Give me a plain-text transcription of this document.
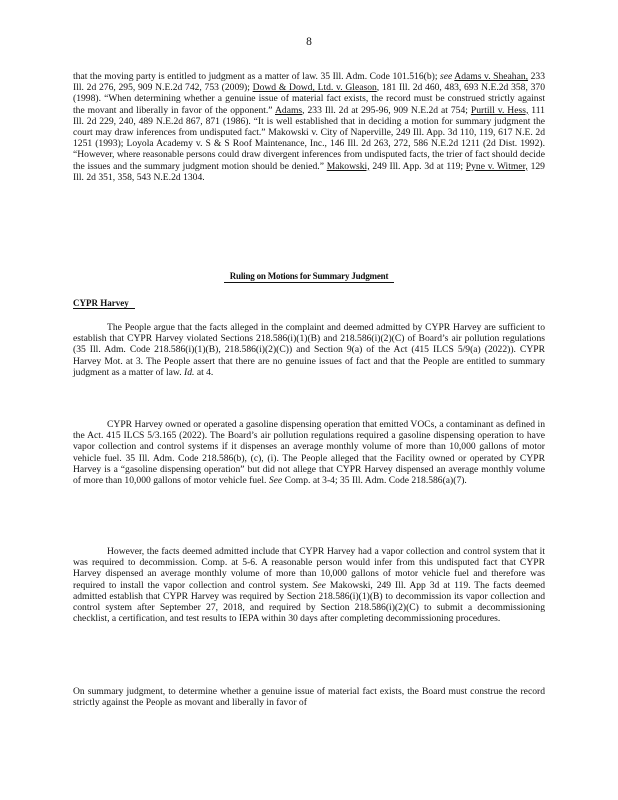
8
that the moving party is entitled to judgment as a matter of law. 35 Ill. Adm. Code 101.516(b); see Adams v. Sheahan, 233 Ill. 2d 276, 295, 909 N.E.2d 742, 753 (2009); Dowd & Dowd, Ltd. v. Gleason, 181 Ill. 2d 460, 483, 693 N.E.2d 358, 370 (1998). “When determining whether a genuine issue of material fact exists, the record must be construed strictly against the movant and liberally in favor of the opponent.” Adams, 233 Ill. 2d at 295-96, 909 N.E.2d at 754; Purtill v. Hess, 111 Ill. 2d 229, 240, 489 N.E.2d 867, 871 (1986). “It is well established that in deciding a motion for summary judgment the court may draw inferences from undisputed fact.” Makowski v. City of Naperville, 249 Ill. App. 3d 110, 119, 617 N.E. 2d 1251 (1993); Loyola Academy v. S & S Roof Maintenance, Inc., 146 Ill. 2d 263, 272, 586 N.E.2d 1211 (2d Dist. 1992). “However, where reasonable persons could draw divergent inferences from undisputed facts, the trier of fact should decide the issues and the summary judgment motion should be denied.” Makowski, 249 Ill. App. 3d at 119; Pyne v. Witmer, 129 Ill. 2d 351, 358, 543 N.E.2d 1304.
Ruling on Motions for Summary Judgment
CYPR Harvey
The People argue that the facts alleged in the complaint and deemed admitted by CYPR Harvey are sufficient to establish that CYPR Harvey violated Sections 218.586(i)(1)(B) and 218.586(i)(2)(C) of Board’s air pollution regulations (35 Ill. Adm. Code 218.586(i)(1)(B), 218.586(i)(2)(C)) and Section 9(a) of the Act (415 ILCS 5/9(a) (2022)). CYPR Harvey Mot. at 3. The People assert that there are no genuine issues of fact and that the People are entitled to summary judgment as a matter of law. Id. at 4.
CYPR Harvey owned or operated a gasoline dispensing operation that emitted VOCs, a contaminant as defined in the Act. 415 ILCS 5/3.165 (2022). The Board’s air pollution regulations required a gasoline dispensing operation to have vapor collection and control systems if it dispenses an average monthly volume of more than 10,000 gallons of motor vehicle fuel. 35 Ill. Adm. Code 218.586(b), (c), (i). The People alleged that the Facility owned or operated by CYPR Harvey is a “gasoline dispensing operation” but did not allege that CYPR Harvey dispensed an average monthly volume of more than 10,000 gallons of motor vehicle fuel. See Comp. at 3-4; 35 Ill. Adm. Code 218.586(a)(7).
However, the facts deemed admitted include that CYPR Harvey had a vapor collection and control system that it was required to decommission. Comp. at 5-6. A reasonable person would infer from this undisputed fact that CYPR Harvey dispensed an average monthly volume of more than 10,000 gallons of motor vehicle fuel and therefore was required to install the vapor collection and control system. See Makowski, 249 Ill. App 3d at 119. The facts deemed admitted establish that CYPR Harvey was required by Section 218.586(i)(1)(B) to decommission its vapor collection and control system after September 27, 2018, and required by Section 218.586(i)(2)(C) to submit a decommissioning checklist, a certification, and test results to IEPA within 30 days after completing decommissioning procedures.
On summary judgment, to determine whether a genuine issue of material fact exists, the Board must construe the record strictly against the People as movant and liberally in favor of
